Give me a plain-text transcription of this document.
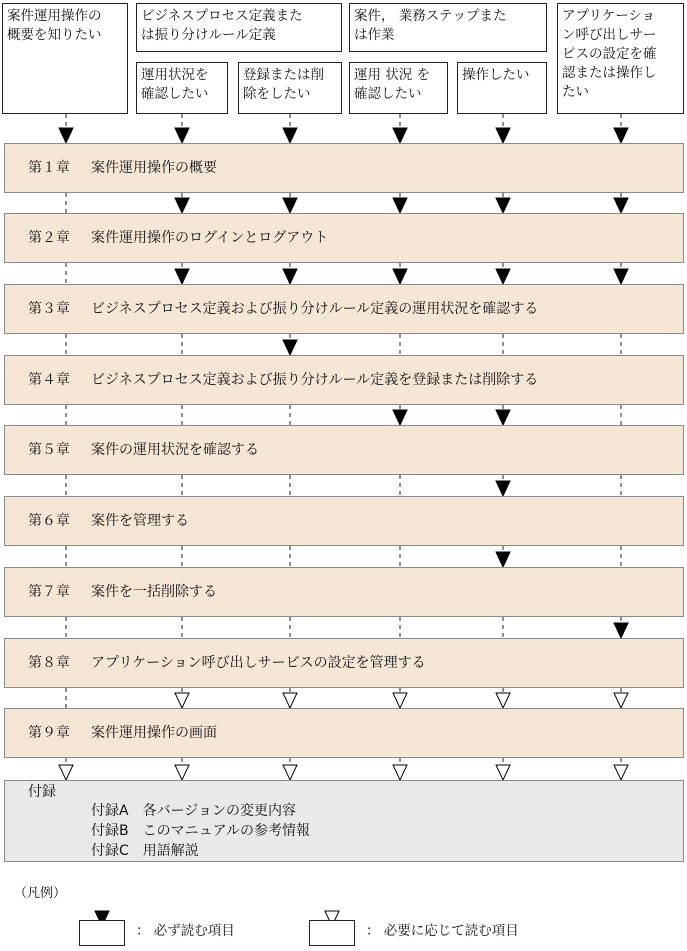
案件運用操作の
概要を知りたい
ビジネスプロセス定義また
は振り分けルール定義
案件， 業務ステップまた
は作業
運用状況を
確認したい
登録または削
除をしたい
運用 状況 を
確認したい
操作したい
アプリケーショ
ン呼び出しサー
ビスの設定を確
認または操作し
たい
第１章 案件運用操作の概要
第２章 案件運用操作のログインとログアウト
第３章 ビジネスプロセス定義および振り分けルール定義の運用状況を確認する
第４章 ビジネスプロセス定義および振り分けルール定義を登録または削除する
第５章 案件の運用状況を確認する
第６章 案件を管理する
第７章 案件を一括削除する
第８章 アプリケーション呼び出しサービスの設定を管理する
第９章 案件運用操作の画面
付録
付録A　各バージョンの変更内容
付録B　このマニュアルの参考情報
付録C　用語解説
（凡例）
： 必ず読む項目	： 必要に応じて読む項目
